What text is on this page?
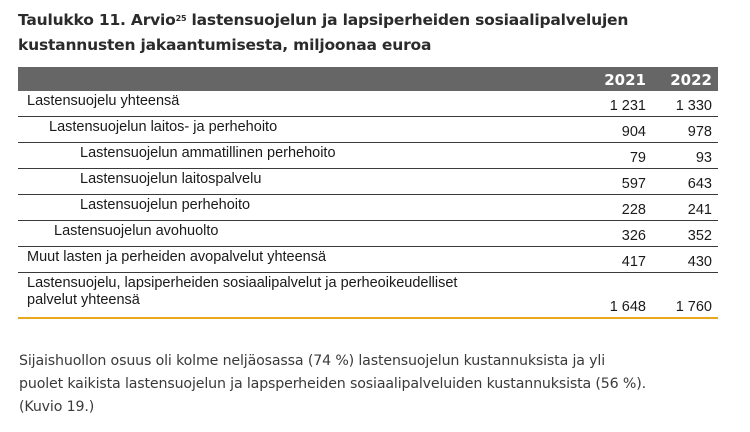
Taulukko 11. Arvio$^{25}$ lastensuojelun ja lapsiperheiden sosiaalipalvelujen
kustannusten jakaantumisesta, miljoonaa euroa
2021	2022
Lastensuojelu yhteensä	1 231	1 330
Lastensuojelun laitos- ja perhehoito	904	978
Lastensuojelun ammatillinen perhehoito	79	93
Lastensuojelun laitospalvelu	597	643
Lastensuojelun perhehoito	228	241
Lastensuojelun avohuolto	326	352
Muut lasten ja perheiden avopalvelut yhteensä	417	430
Lastensuojelu, lapsiperheiden sosiaalipalvelut ja perheoikeudelliset
palvelut yhteensä	1 648	1 760
Sijaishuollon osuus oli kolme neljäosassa (74 %) lastensuojelun kustannuksista ja yli
puolet kaikista lastensuojelun ja lapsperheiden sosiaalipalveluiden kustannuksista (56 %).
(Kuvio 19.)
